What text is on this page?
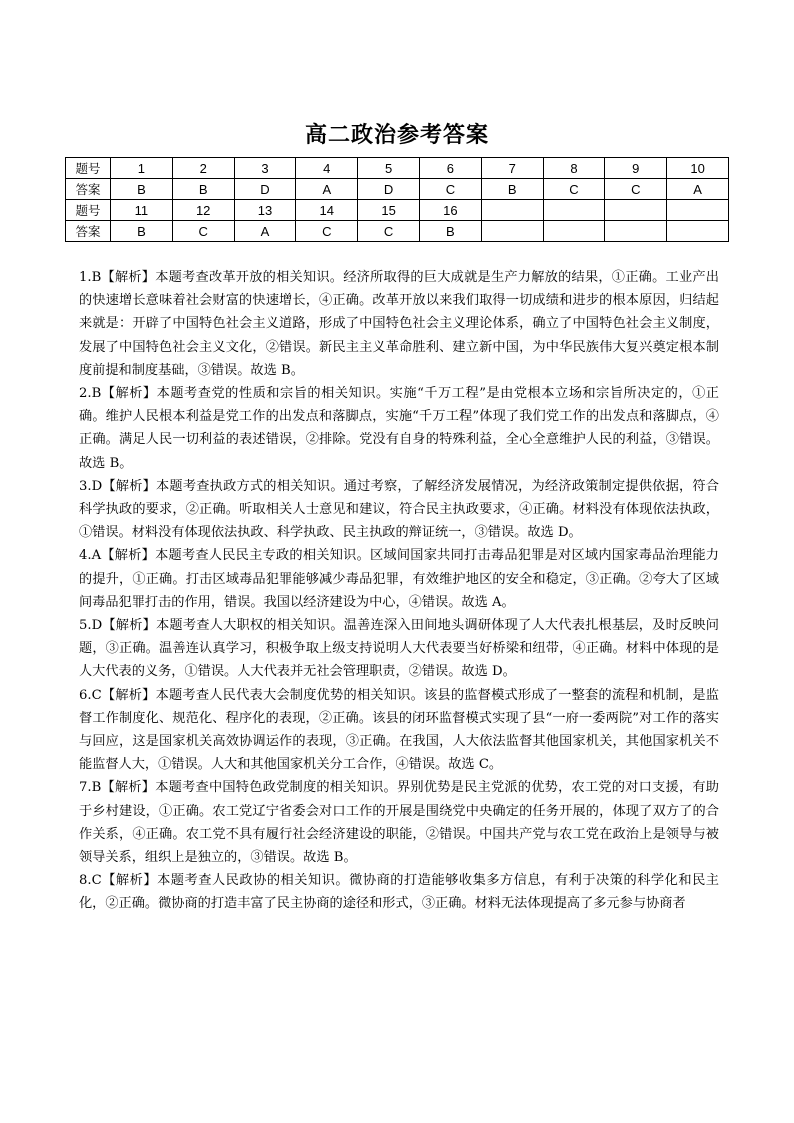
高二政治参考答案
题号	1	2	3	4	5	6	7	8	9	10
答案	B	B	D	A	D	C	B	C	C	A
题号	11	12	13	14	15	16				
答案	B	C	A	C	C	B				

1.B【解析】本题考查改革开放的相关知识。经济所取得的巨大成就是生产力解放的结果，①正确。工业产出的快速增长意味着社会财富的快速增长，④正确。改革开放以来我们取得一切成绩和进步的根本原因，归结起来就是：开辟了中国特色社会主义道路，形成了中国特色社会主义理论体系，确立了中国特色社会主义制度，发展了中国特色社会主义文化，②错误。新民主主义革命胜利、建立新中国，为中华民族伟大复兴奠定根本制度前提和制度基础，③错误。故选 B。

2.B【解析】本题考查党的性质和宗旨的相关知识。实施“千万工程”是由党根本立场和宗旨所决定的，①正确。维护人民根本利益是党工作的出发点和落脚点，实施“千万工程”体现了我们党工作的出发点和落脚点，④正确。满足人民一切利益的表述错误，②排除。党没有自身的特殊利益，全心全意维护人民的利益，③错误。故选 B。

3.D【解析】本题考查执政方式的相关知识。通过考察，了解经济发展情况，为经济政策制定提供依据，符合科学执政的要求，②正确。听取相关人士意见和建议，符合民主执政要求，④正确。材料没有体现依法执政，①错误。材料没有体现依法执政、科学执政、民主执政的辩证统一，③错误。故选 D。

4.A【解析】本题考查人民民主专政的相关知识。区域间国家共同打击毒品犯罪是对区域内国家毒品治理能力的提升，①正确。打击区域毒品犯罪能够减少毒品犯罪，有效维护地区的安全和稳定，③正确。②夸大了区域间毒品犯罪打击的作用，错误。我国以经济建设为中心，④错误。故选 A。

5.D【解析】本题考查人大职权的相关知识。温善连深入田间地头调研体现了人大代表扎根基层，及时反映问题，③正确。温善连认真学习，积极争取上级支持说明人大代表要当好桥梁和纽带，④正确。材料中体现的是人大代表的义务，①错误。人大代表并无社会管理职责，②错误。故选 D。

6.C【解析】本题考查人民代表大会制度优势的相关知识。该县的监督模式形成了一整套的流程和机制，是监督工作制度化、规范化、程序化的表现，②正确。该县的闭环监督模式实现了县“一府一委两院”对工作的落实与回应，这是国家机关高效协调运作的表现，③正确。在我国，人大依法监督其他国家机关，其他国家机关不能监督人大，①错误。人大和其他国家机关分工合作，④错误。故选 C。

7.B【解析】本题考查中国特色政党制度的相关知识。界别优势是民主党派的优势，农工党的对口支援，有助于乡村建设，①正确。农工党辽宁省委会对口工作的开展是围绕党中央确定的任务开展的，体现了双方了的合作关系，④正确。农工党不具有履行社会经济建设的职能，②错误。中国共产党与农工党在政治上是领导与被领导关系，组织上是独立的，③错误。故选 B。

8.C【解析】本题考查人民政协的相关知识。微协商的打造能够收集多方信息，有利于决策的科学化和民主化，②正确。微协商的打造丰富了民主协商的途径和形式，③正确。材料无法体现提高了多元参与协商者
